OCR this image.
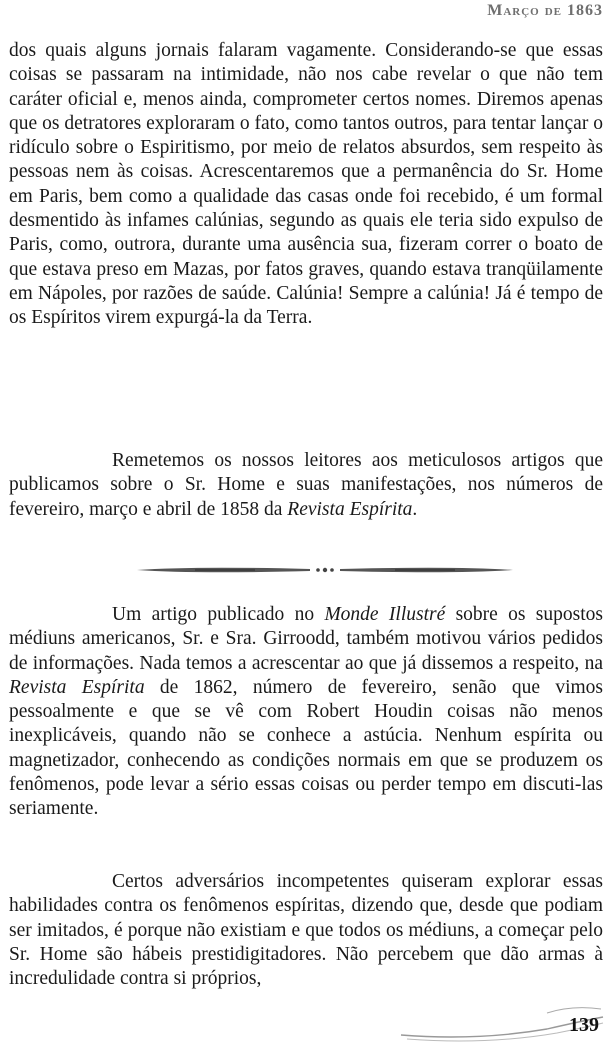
Março de 1863

dos quais alguns jornais falaram vagamente. Considerando-se que essas coisas se passaram na intimidade, não nos cabe revelar o que não tem caráter oficial e, menos ainda, comprometer certos nomes. Diremos apenas que os detratores exploraram o fato, como tantos outros, para tentar lançar o ridículo sobre o Espiritismo, por meio de relatos absurdos, sem respeito às pessoas nem às coisas. Acrescentaremos que a permanência do Sr. Home em Paris, bem como a qualidade das casas onde foi recebido, é um formal desmentido às infames calúnias, segundo as quais ele teria sido expulso de Paris, como, outrora, durante uma ausência sua, fizeram correr o boato de que estava preso em Mazas, por fatos graves, quando estava tranqüilamente em Nápoles, por razões de saúde. Calúnia! Sempre a calúnia! Já é tempo de os Espíritos virem expurgá-la da Terra.

Remetemos os nossos leitores aos meticulosos artigos que publicamos sobre o Sr. Home e suas manifestações, nos números de fevereiro, março e abril de 1858 da Revista Espírita.

Um artigo publicado no Monde Illustré sobre os supostos médiuns americanos, Sr. e Sra. Girroodd, também motivou vários pedidos de informações. Nada temos a acrescentar ao que já dissemos a respeito, na Revista Espírita de 1862, número de fevereiro, senão que vimos pessoalmente e que se vê com Robert Houdin coisas não menos inexplicáveis, quando não se conhece a astúcia. Nenhum espírita ou magnetizador, conhecendo as condições normais em que se produzem os fenômenos, pode levar a sério essas coisas ou perder tempo em discuti-las seriamente.

Certos adversários incompetentes quiseram explorar essas habilidades contra os fenômenos espíritas, dizendo que, desde que podiam ser imitados, é porque não existiam e que todos os médiuns, a começar pelo Sr. Home são hábeis prestidigitadores. Não percebem que dão armas à incredulidade contra si próprios,

139
